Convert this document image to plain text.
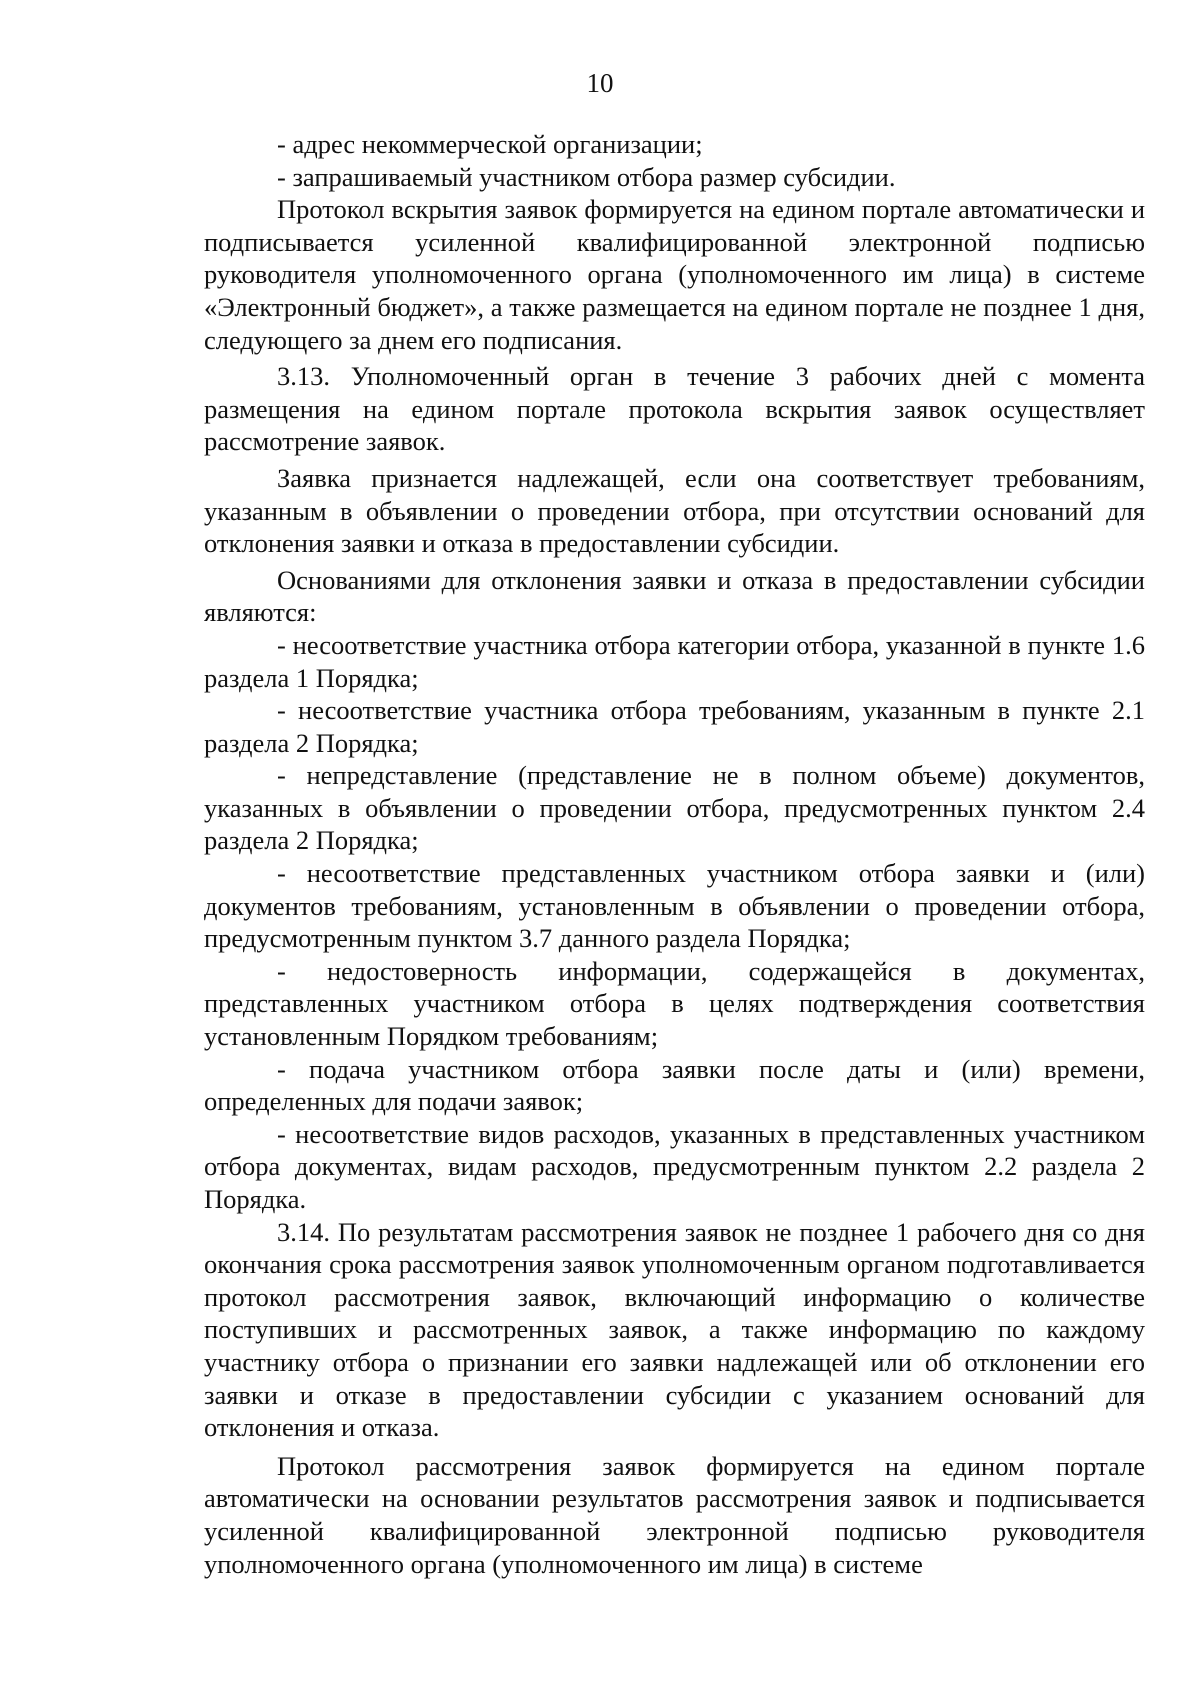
10

- адрес некоммерческой организации;

- запрашиваемый участником отбора размер субсидии.

Протокол вскрытия заявок формируется на едином портале автоматически и подписывается усиленной квалифицированной электронной подписью руководителя уполномоченного органа (уполномоченного им лица) в системе «Электронный бюджет», а также размещается на едином портале не позднее 1 дня, следующего за днем его подписания.

3.13. Уполномоченный орган в течение 3 рабочих дней с момента размещения на едином портале протокола вскрытия заявок осуществляет рассмотрение заявок.

Заявка признается надлежащей, если она соответствует требованиям, указанным в объявлении о проведении отбора, при отсутствии оснований для отклонения заявки и отказа в предоставлении субсидии.

Основаниями для отклонения заявки и отказа в предоставлении субсидии являются:

- несоответствие участника отбора категории отбора, указанной в пункте 1.6 раздела 1 Порядка;

- несоответствие участника отбора требованиям, указанным в пункте 2.1 раздела 2 Порядка;

- непредставление (представление не в полном объеме) документов, указанных в объявлении о проведении отбора, предусмотренных пунктом 2.4 раздела 2 Порядка;

- несоответствие представленных участником отбора заявки и (или) документов требованиям, установленным в объявлении о проведении отбора, предусмотренным пунктом 3.7 данного раздела Порядка;

- недостоверность информации, содержащейся в документах, представленных участником отбора в целях подтверждения соответствия установленным Порядком требованиям;

- подача участником отбора заявки после даты и (или) времени, определенных для подачи заявок;

- несоответствие видов расходов, указанных в представленных участником отбора документах, видам расходов, предусмотренным пунктом 2.2 раздела 2 Порядка.

3.14. По результатам рассмотрения заявок не позднее 1 рабочего дня со дня окончания срока рассмотрения заявок уполномоченным органом подготавливается протокол рассмотрения заявок, включающий информацию о количестве поступивших и рассмотренных заявок, а также информацию по каждому участнику отбора о признании его заявки надлежащей или об отклонении его заявки и отказе в предоставлении субсидии с указанием оснований для отклонения и отказа.

Протокол рассмотрения заявок формируется на едином портале автоматически на основании результатов рассмотрения заявок и подписывается усиленной квалифицированной электронной подписью руководителя уполномоченного органа (уполномоченного им лица) в системе
